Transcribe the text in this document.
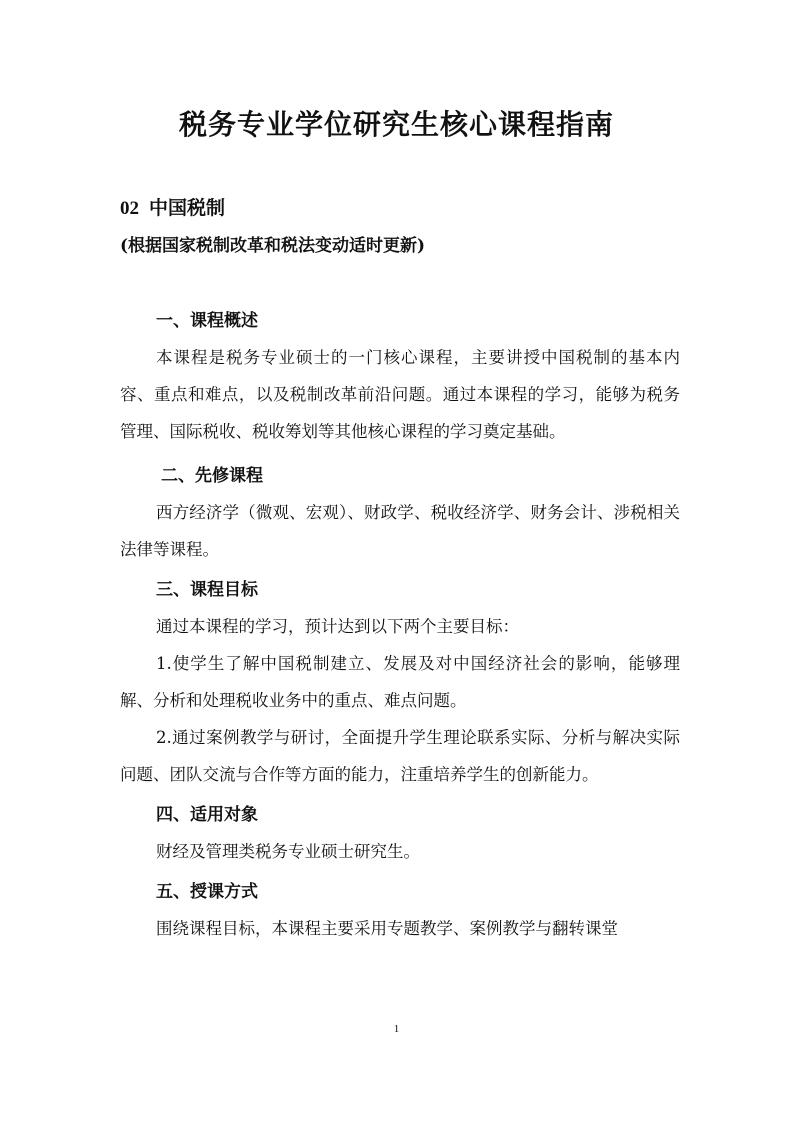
税务专业学位研究生核心课程指南
02 中国税制
(根据国家税制改革和税法变动适时更新)
一、课程概述

本课程是税务专业硕士的一门核心课程，主要讲授中国税制的基本内容、重点和难点，以及税制改革前沿问题。通过本课程的学习，能够为税务管理、国际税收、税收筹划等其他核心课程的学习奠定基础。

二、先修课程

西方经济学（微观、宏观）、财政学、税收经济学、财务会计、涉税相关法律等课程。

三、课程目标

通过本课程的学习，预计达到以下两个主要目标：

1.使学生了解中国税制建立、发展及对中国经济社会的影响，能够理解、分析和处理税收业务中的重点、难点问题。

2.通过案例教学与研讨，全面提升学生理论联系实际、分析与解决实际问题、团队交流与合作等方面的能力，注重培养学生的创新能力。

四、适用对象

财经及管理类税务专业硕士研究生。

五、授课方式

围绕课程目标，本课程主要采用专题教学、案例教学与翻转课堂

1
